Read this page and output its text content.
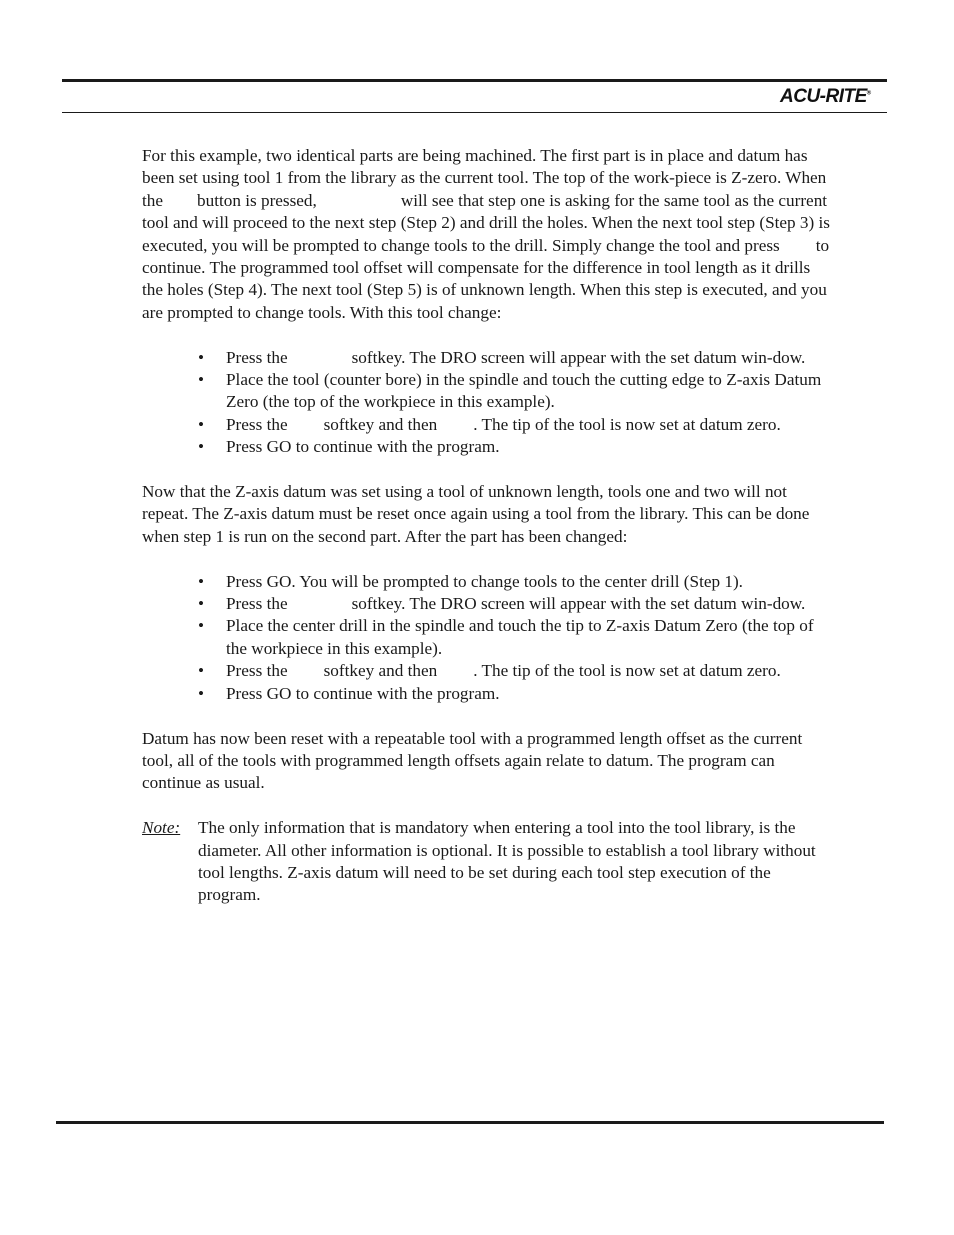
ACU-RITE®

For this example, two identical parts are being machined. The first part is in place and datum has been set using tool 1 from the library as the current tool. The top of the work-piece is Z-zero. When the button is pressed,	will see that step one is asking for the same tool as the current tool and will proceed to the next step (Step 2) and drill the holes. When the next tool step (Step 3) is executed, you will be prompted to change tools to the drill. Simply change the tool and press to continue. The programmed tool offset will compensate for the difference in tool length as it drills the holes (Step 4). The next tool (Step 5) is of unknown length. When this step is executed, and you are prompted to change tools. With this tool change:

• Press the	softkey. The DRO screen will appear with the set datum win-dow.
• Place the tool (counter bore) in the spindle and touch the cutting edge to Z-axis Datum Zero (the top of the workpiece in this example).
• Press the softkey and then . The tip of the tool is now set at datum zero.
• Press GO to continue with the program.

Now that the Z-axis datum was set using a tool of unknown length, tools one and two will not repeat. The Z-axis datum must be reset once again using a tool from the library. This can be done when step 1 is run on the second part. After the part has been changed:

• Press GO. You will be prompted to change tools to the center drill (Step 1).
• Press the	softkey. The DRO screen will appear with the set datum win-dow.
• Place the center drill in the spindle and touch the tip to Z-axis Datum Zero (the top of the workpiece in this example).
• Press the softkey and then . The tip of the tool is now set at datum zero.
• Press GO to continue with the program.

Datum has now been reset with a repeatable tool with a programmed length offset as the current tool, all of the tools with programmed length offsets again relate to datum. The program can continue as usual.

Note: The only information that is mandatory when entering a tool into the tool library, is the diameter. All other information is optional. It is possible to establish a tool library without tool lengths. Z-axis datum will need to be set during each tool step execution of the program.
